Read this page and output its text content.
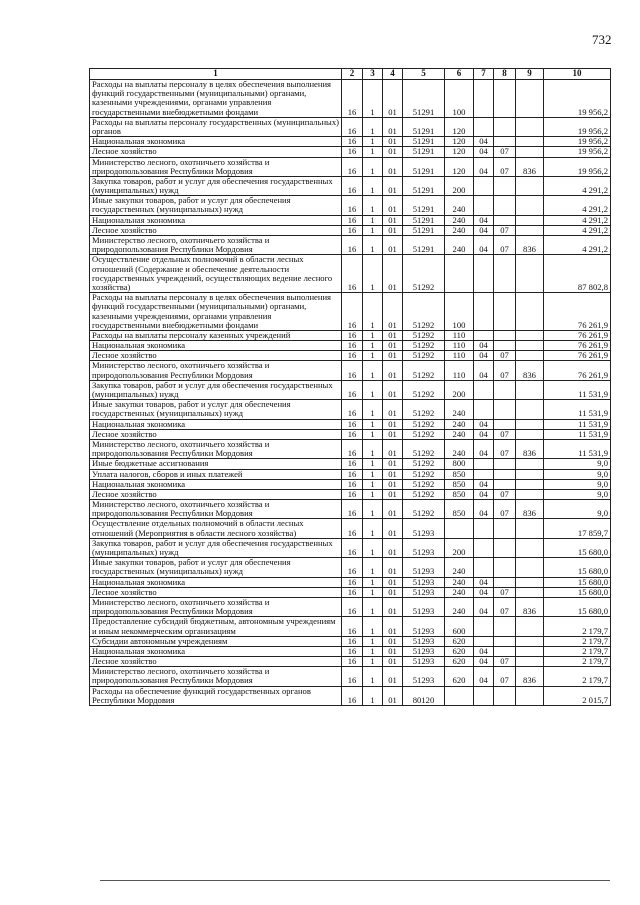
732
1	2	3	4	5	6	7	8	9	10
Расходы на выплаты персоналу в целях обеспечения выполнения функций государственными (муниципальными) органами, казенными учреждениями, органами управления государственными внебюджетными фондами	16	1	01	51291	100				19 956,2
Расходы на выплаты персоналу государственных (муниципальных) органов	16	1	01	51291	120				19 956,2
Национальная экономика	16	1	01	51291	120	04			19 956,2
Лесное хозяйство	16	1	01	51291	120	04	07		19 956,2
Министерство лесного, охотничьего хозяйства и природопользования Республики Мордовия	16	1	01	51291	120	04	07	836	19 956,2
Закупка товаров, работ и услуг для обеспечения государственных (муниципальных) нужд	16	1	01	51291	200				4 291,2
Иные закупки товаров, работ и услуг для обеспечения государственных (муниципальных) нужд	16	1	01	51291	240				4 291,2
Национальная экономика	16	1	01	51291	240	04			4 291,2
Лесное хозяйство	16	1	01	51291	240	04	07		4 291,2
Министерство лесного, охотничьего хозяйства и природопользования Республики Мордовия	16	1	01	51291	240	04	07	836	4 291,2
Осуществление отдельных полномочий в области лесных отношений (Содержание и обеспечение деятельности государственных учреждений, осуществляющих ведение лесного хозяйства)	16	1	01	51292					87 802,8
Расходы на выплаты персоналу в целях обеспечения выполнения функций государственными (муниципальными) органами, казенными учреждениями, органами управления государственными внебюджетными фондами	16	1	01	51292	100				76 261,9
Расходы на выплаты персоналу казенных учреждений	16	1	01	51292	110				76 261,9
Национальная экономика	16	1	01	51292	110	04			76 261,9
Лесное хозяйство	16	1	01	51292	110	04	07		76 261,9
Министерство лесного, охотничьего хозяйства и природопользования Республики Мордовия	16	1	01	51292	110	04	07	836	76 261,9
Закупка товаров, работ и услуг для обеспечения государственных (муниципальных) нужд	16	1	01	51292	200				11 531,9
Иные закупки товаров, работ и услуг для обеспечения государственных (муниципальных) нужд	16	1	01	51292	240				11 531,9
Национальная экономика	16	1	01	51292	240	04			11 531,9
Лесное хозяйство	16	1	01	51292	240	04	07		11 531,9
Министерство лесного, охотничьего хозяйства и природопользования Республики Мордовия	16	1	01	51292	240	04	07	836	11 531,9
Иные бюджетные ассигнования	16	1	01	51292	800				9,0
Уплата налогов, сборов и иных платежей	16	1	01	51292	850				9,0
Национальная экономика	16	1	01	51292	850	04			9,0
Лесное хозяйство	16	1	01	51292	850	04	07		9,0
Министерство лесного, охотничьего хозяйства и природопользования Республики Мордовия	16	1	01	51292	850	04	07	836	9,0
Осуществление отдельных полномочий в области лесных отношений (Мероприятия в области лесного хозяйства)	16	1	01	51293					17 859,7
Закупка товаров, работ и услуг для обеспечения государственных (муниципальных) нужд	16	1	01	51293	200				15 680,0
Иные закупки товаров, работ и услуг для обеспечения государственных (муниципальных) нужд	16	1	01	51293	240				15 680,0
Национальная экономика	16	1	01	51293	240	04			15 680,0
Лесное хозяйство	16	1	01	51293	240	04	07		15 680,0
Министерство лесного, охотничьего хозяйства и природопользования Республики Мордовия	16	1	01	51293	240	04	07	836	15 680,0
Предоставление субсидий бюджетным, автономным учреждениям и иным некоммерческим организациям	16	1	01	51293	600				2 179,7
Субсидии автономным учреждениям	16	1	01	51293	620				2 179,7
Национальная экономика	16	1	01	51293	620	04			2 179,7
Лесное хозяйство	16	1	01	51293	620	04	07		2 179,7
Министерство лесного, охотничьего хозяйства и природопользования Республики Мордовия	16	1	01	51293	620	04	07	836	2 179,7
Расходы на обеспечение функций государственных органов Республики Мордовия	16	1	01	80120					2 015,7
